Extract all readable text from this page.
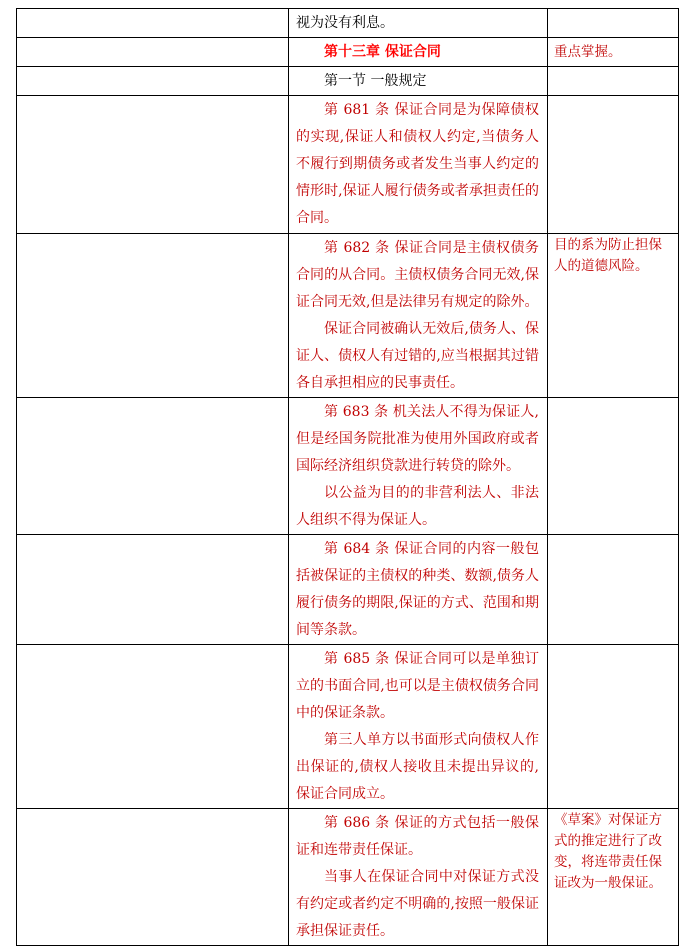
	视为没有利息。	

	第十三章 保证合同	重点掌握。

	第一节 一般规定	

	第 681 条 保证合同是为保障债权的实现,保证人和债权人约定,当债务人不履行到期债务或者发生当事人约定的情形时,保证人履行债务或者承担责任的合同。	

	第 682 条 保证合同是主债权债务合同的从合同。主债权债务合同无效,保证合同无效,但是法律另有规定的除外。

保证合同被确认无效后,债务人、保证人、债权人有过错的,应当根据其过错各自承担相应的民事责任。	目的系为防止担保人的道德风险。

	第 683 条 机关法人不得为保证人,但是经国务院批准为使用外国政府或者国际经济组织贷款进行转贷的除外。

以公益为目的的非营利法人、非法人组织不得为保证人。	

	第 684 条 保证合同的内容一般包括被保证的主债权的种类、数额,债务人履行债务的期限,保证的方式、范围和期间等条款。	

	第 685 条 保证合同可以是单独订立的书面合同,也可以是主债权债务合同中的保证条款。

第三人单方以书面形式向债权人作出保证的,债权人接收且未提出异议的,保证合同成立。	

	第 686 条 保证的方式包括一般保证和连带责任保证。

当事人在保证合同中对保证方式没有约定或者约定不明确的,按照一般保证承担保证责任。	《草案》对保证方式的推定进行了改变，将连带责任保证改为一般保证。
